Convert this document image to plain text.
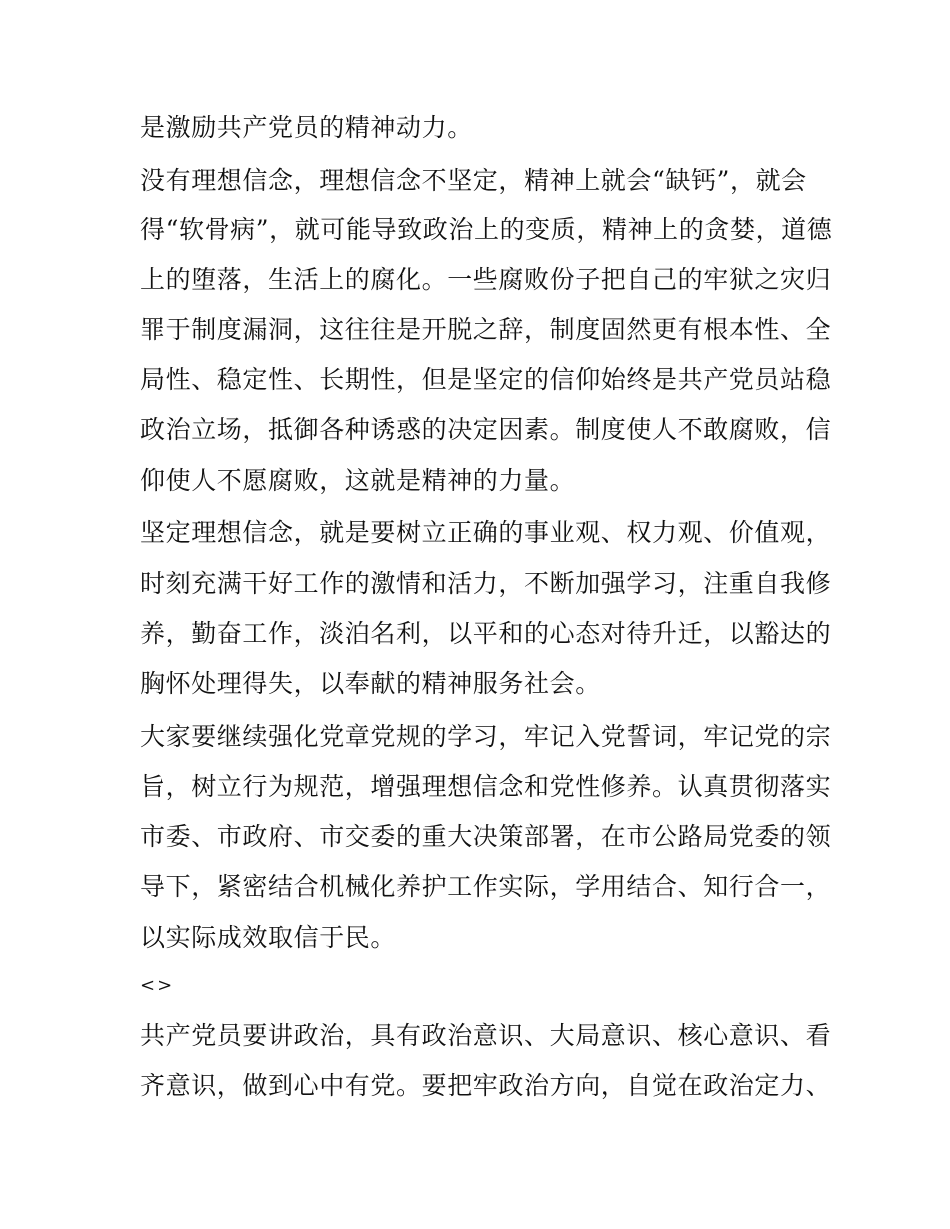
是激励共产党员的精神动力。
没有理想信念，理想信念不坚定，精神上就会“缺钙”，就会
得“软骨病”，就可能导致政治上的变质，精神上的贪婪，道德
上的堕落，生活上的腐化。一些腐败份子把自己的牢狱之灾归
罪于制度漏洞，这往往是开脱之辞，制度固然更有根本性、全
局性、稳定性、长期性，但是坚定的信仰始终是共产党员站稳
政治立场，抵御各种诱惑的决定因素。制度使人不敢腐败，信
仰使人不愿腐败，这就是精神的力量。
坚定理想信念，就是要树立正确的事业观、权力观、价值观，
时刻充满干好工作的激情和活力，不断加强学习，注重自我修
养，勤奋工作，淡泊名利，以平和的心态对待升迁，以豁达的
胸怀处理得失，以奉献的精神服务社会。
大家要继续强化党章党规的学习，牢记入党誓词，牢记党的宗
旨，树立行为规范，增强理想信念和党性修养。认真贯彻落实
市委、市政府、市交委的重大决策部署，在市公路局党委的领
导下，紧密结合机械化养护工作实际，学用结合、知行合一，
以实际成效取信于民。
<>
共产党员要讲政治，具有政治意识、大局意识、核心意识、看
齐意识，做到心中有党。要把牢政治方向，自觉在政治定力、
